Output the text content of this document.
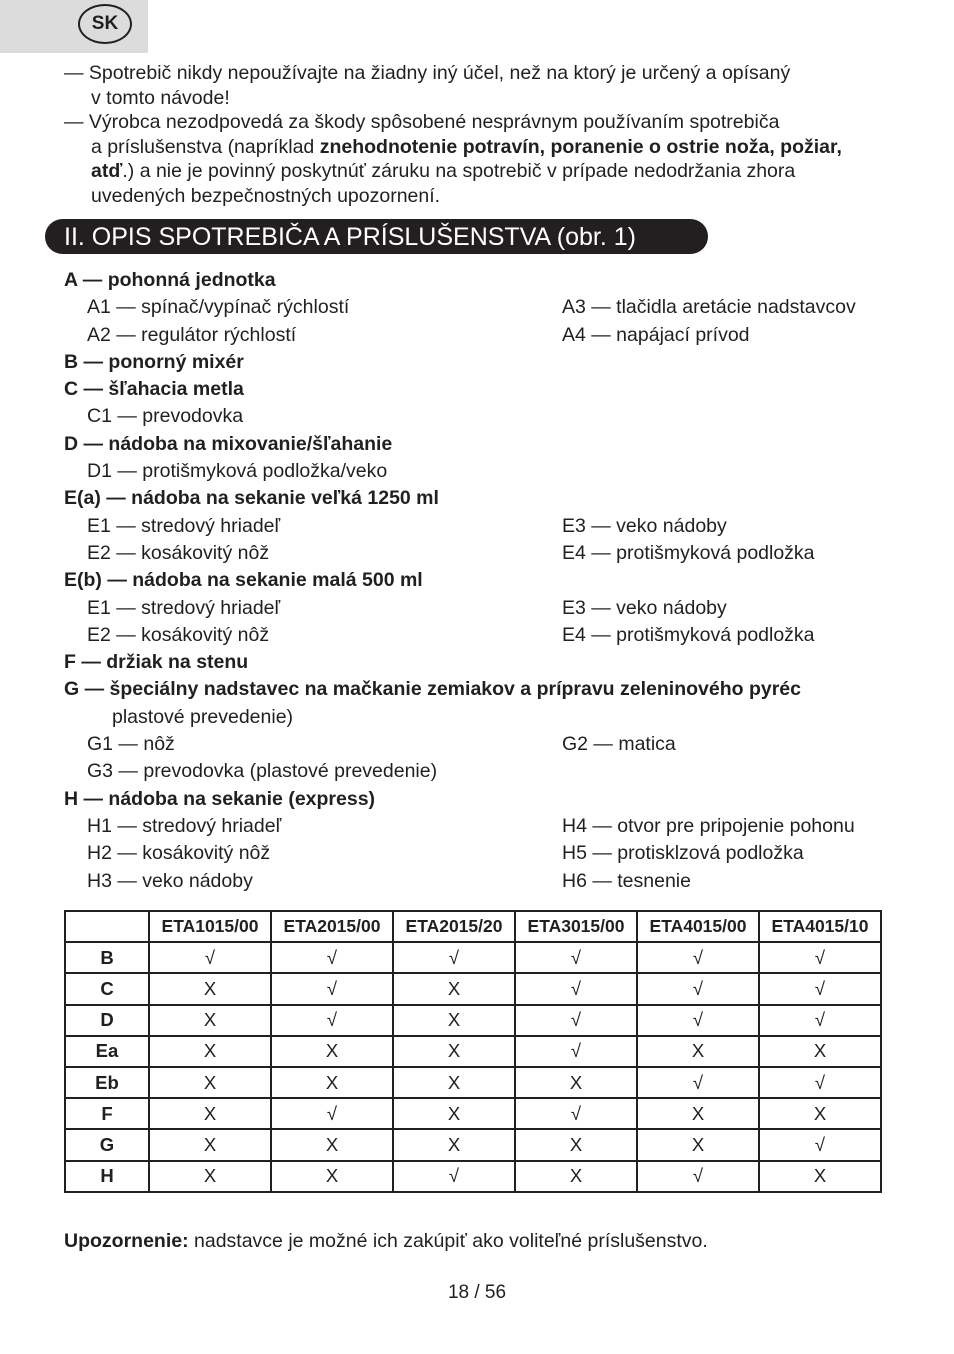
SK

— Spotrebič nikdy nepoužívajte na žiadny iný účel, než na ktorý je určený a opísaný
v tomto návode!

— Výrobca nezodpovedá za škody spôsobené nesprávnym používaním spotrebiča
a príslušenstva (napríklad znehodnotenie potravín, poranenie o ostrie noža, požiar,
atď.) a nie je povinný poskytnúť záruku na spotrebič v prípade nedodržania zhora
uvedených bezpečnostných upozornení.

II. OPIS SPOTREBIČA A PRÍSLUŠENSTVA (obr. 1)
A — pohonná jednotka
A1 — spínač/vypínač rýchlostí	A3 — tlačidla aretácie nadstavcov
A2 — regulátor rýchlostí	A4 — napájací prívod
B — ponorný mixér
C — šľahacia metla
C1 — prevodovka
D — nádoba na mixovanie/šľahanie
D1 — protišmyková podložka/veko
E(a) — nádoba na sekanie veľká 1250 ml
E1 — stredový hriadeľ	E3 — veko nádoby
E2 — kosákovitý nôž	E4 — protišmyková podložka
E(b) — nádoba na sekanie malá 500 ml
E1 — stredový hriadeľ	E3 — veko nádoby
E2 — kosákovitý nôž	E4 — protišmyková podložka
F — držiak na stenu
G — špeciálny nadstavec na mačkanie zemiakov a prípravu zeleninového pyréc
plastové prevedenie)
G1 — nôž	G2 — matica
G3 — prevodovka (plastové prevedenie)
H — nádoba na sekanie
(express)
H1 — stredový hriadeľ	H4 — otvor pre pripojenie pohonu
H2 — kosákovitý nôž	H5 — protisklzová podložka
H3 — veko nádoby	H6 — tesnenie
	ETA1015/00	ETA2015/00	ETA2015/20	ETA3015/00	ETA4015/00	ETA4015/10
B	√	√	√	√	√	√
C	X	√	X	√	√	√
D	X	√	X	√	√	√
Ea	X	X	X	√	X	X
Eb	X	X	X	X	√	√
F	X	√	X	√	X	X
G	X	X	X	X	X	√
H	X	X	√	X	√	X
Upozornenie: nadstavce je možné ich zakúpiť ako voliteľné príslušenstvo.
18 / 56
